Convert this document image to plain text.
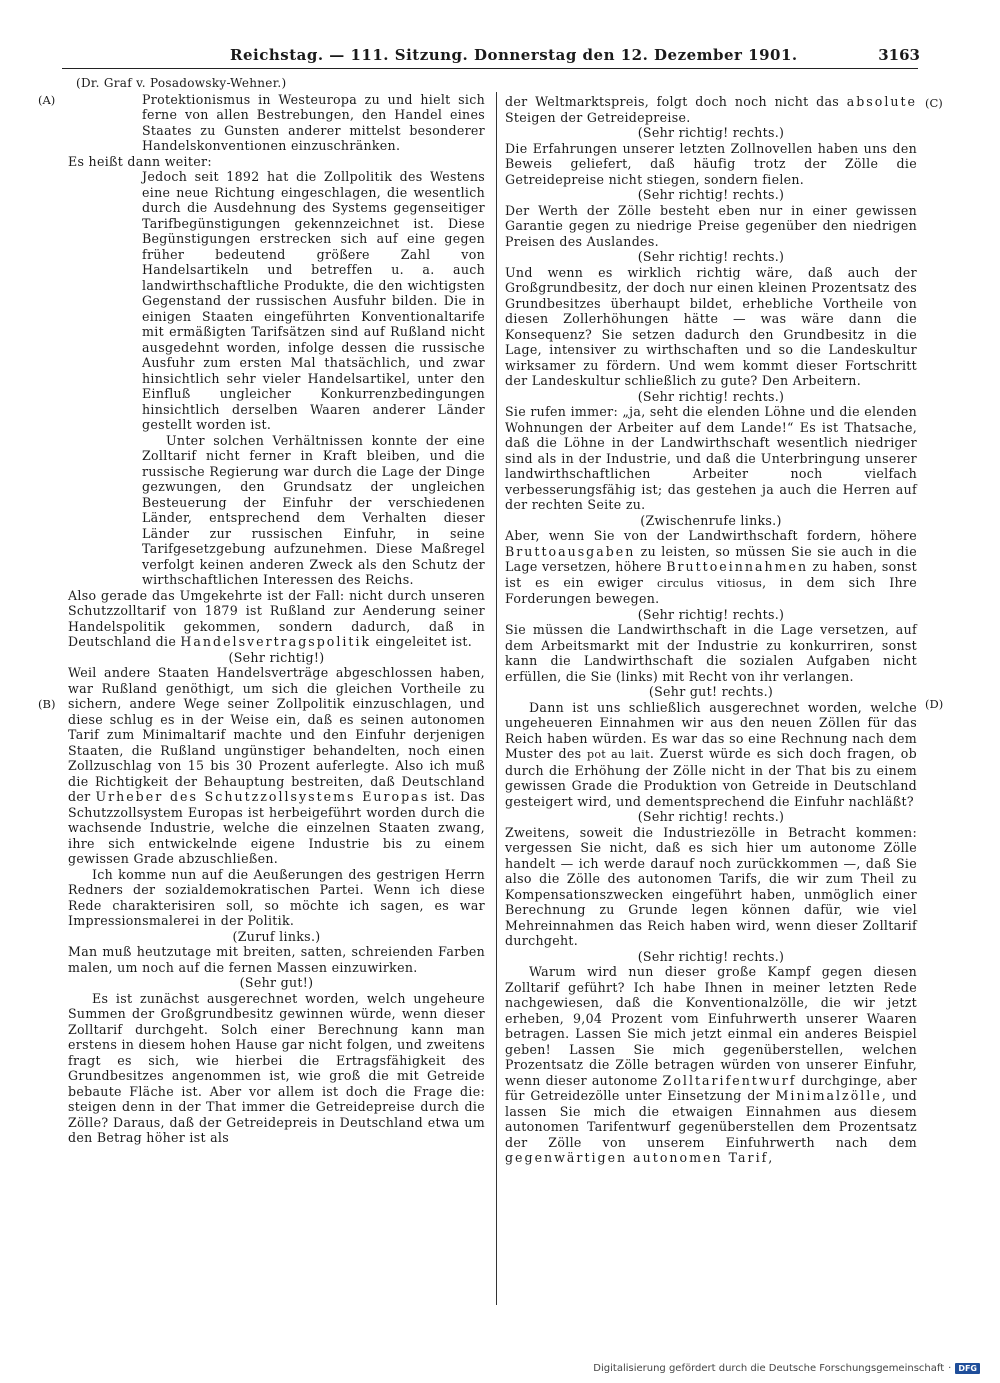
Reichstag. — 111. Sitzung. Donnerstag den 12. Dezember 1901.	3163
(A)
(B)
(C)
(D)

(Dr. Graf v. Posadowsky-Wehner.)

Protektionismus in Westeuropa zu und hielt sich ferne von allen Bestrebungen, den Handel eines Staates zu Gunsten anderer mittelst besonderer Handelskonventionen einzuschränken.

Es heißt dann weiter:

Jedoch seit 1892 hat die Zollpolitik des Westens eine neue Richtung eingeschlagen, die wesentlich durch die Ausdehnung des Systems gegenseitiger Tarifbegünstigungen gekennzeichnet ist. Diese Begünstigungen erstrecken sich auf eine gegen früher bedeutend größere Zahl von Handelsartikeln und betreffen u. a. auch landwirthschaftliche Produkte, die den wichtigsten Gegenstand der russischen Ausfuhr bilden. Die in einigen Staaten eingeführten Konventionaltarife mit ermäßigten Tarifsätzen sind auf Rußland nicht ausgedehnt worden, infolge dessen die russische Ausfuhr zum ersten Mal thatsächlich, und zwar hinsichtlich sehr vieler Handelsartikel, unter den Einfluß ungleicher Konkurrenzbedingungen hinsichtlich derselben Waaren anderer Länder gestellt worden ist.

Unter solchen Verhältnissen konnte der eine Zolltarif nicht ferner in Kraft bleiben, und die russische Regierung war durch die Lage der Dinge gezwungen, den Grundsatz der ungleichen Besteuerung der Einfuhr der verschiedenen Länder, entsprechend dem Verhalten dieser Länder zur russischen Einfuhr, in seine Tarifgesetzgebung aufzunehmen. Diese Maßregel verfolgt keinen anderen Zweck als den Schutz der wirthschaftlichen Interessen des Reichs.

Also gerade das Umgekehrte ist der Fall: nicht durch unseren Schutzzolltarif von 1879 ist Rußland zur Aenderung seiner Handelspolitik gekommen, sondern dadurch, daß in Deutschland die Handelsvertragspolitik eingeleitet ist.

(Sehr richtig!)

Weil andere Staaten Handelsverträge abgeschlossen haben, war Rußland genöthigt, um sich die gleichen Vortheile zu sichern, andere Wege seiner Zollpolitik einzuschlagen, und diese schlug es in der Weise ein, daß es seinen autonomen Tarif zum Minimaltarif machte und den Einfuhr derjenigen Staaten, die Rußland ungünstiger behandelten, noch einen Zollzuschlag von 15 bis 30 Prozent auferlegte. Also ich muß die Richtigkeit der Behauptung bestreiten, daß Deutschland der Urheber des Schutzzollsystems Europas ist. Das Schutzzollsystem Europas ist herbeigeführt worden durch die wachsende Industrie, welche die einzelnen Staaten zwang, ihre sich entwickelnde eigene Industrie bis zu einem gewissen Grade abzuschließen.

Ich komme nun auf die Aeußerungen des gestrigen Herrn Redners der sozialdemokratischen Partei. Wenn ich diese Rede charakterisiren soll, so möchte ich sagen, es war Impressionsmalerei in der Politik.

(Zuruf links.)

Man muß heutzutage mit breiten, satten, schreienden Farben malen, um noch auf die fernen Massen einzuwirken.

(Sehr gut!)

Es ist zunächst ausgerechnet worden, welch ungeheure Summen der Großgrundbesitz gewinnen würde, wenn dieser Zolltarif durchgeht. Solch einer Berechnung kann man erstens in diesem hohen Hause gar nicht folgen, und zweitens fragt es sich, wie hierbei die Ertragsfähigkeit des Grundbesitzes angenommen ist, wie groß die mit Getreide bebaute Fläche ist. Aber vor allem ist doch die Frage die: steigen denn in der That immer die Getreidepreise durch die Zölle? Daraus, daß der Getreidepreis in Deutschland etwa um den Betrag höher ist als

der Weltmarktspreis, folgt doch noch nicht das absolute Steigen der Getreidepreise.

(Sehr richtig! rechts.)

Die Erfahrungen unserer letzten Zollnovellen haben uns den Beweis geliefert, daß häufig trotz der Zölle die Getreidepreise nicht stiegen, sondern fielen.

(Sehr richtig! rechts.)

Der Werth der Zölle besteht eben nur in einer gewissen Garantie gegen zu niedrige Preise gegenüber den niedrigen Preisen des Auslandes.

(Sehr richtig! rechts.)

Und wenn es wirklich richtig wäre, daß auch der Großgrundbesitz, der doch nur einen kleinen Prozentsatz des Grundbesitzes überhaupt bildet, erhebliche Vortheile von diesen Zollerhöhungen hätte — was wäre dann die Konsequenz? Sie setzen dadurch den Grundbesitz in die Lage, intensiver zu wirthschaften und so die Landeskultur wirksamer zu fördern. Und wem kommt dieser Fortschritt der Landeskultur schließlich zu gute? Den Arbeitern.

(Sehr richtig! rechts.)

Sie rufen immer: „ja, seht die elenden Löhne und die elenden Wohnungen der Arbeiter auf dem Lande!“ Es ist Thatsache, daß die Löhne in der Landwirthschaft wesentlich niedriger sind als in der Industrie, und daß die Unterbringung unserer landwirthschaftlichen Arbeiter noch vielfach verbesserungsfähig ist; das gestehen ja auch die Herren auf der rechten Seite zu.

(Zwischenrufe links.)

Aber, wenn Sie von der Landwirthschaft fordern, höhere Bruttoausgaben zu leisten, so müssen Sie sie auch in die Lage versetzen, höhere Bruttoeinnahmen zu haben, sonst ist es ein ewiger circulus vitiosus, in dem sich Ihre Forderungen bewegen.

(Sehr richtig! rechts.)

Sie müssen die Landwirthschaft in die Lage versetzen, auf dem Arbeitsmarkt mit der Industrie zu konkurriren, sonst kann die Landwirthschaft die sozialen Aufgaben nicht erfüllen, die Sie (links) mit Recht von ihr verlangen.

(Sehr gut! rechts.)

Dann ist uns schließlich ausgerechnet worden, welche ungeheueren Einnahmen wir aus den neuen Zöllen für das Reich haben würden. Es war das so eine Rechnung nach dem Muster des pot au lait. Zuerst würde es sich doch fragen, ob durch die Erhöhung der Zölle nicht in der That bis zu einem gewissen Grade die Produktion von Getreide in Deutschland gesteigert wird, und dementsprechend die Einfuhr nachläßt?

(Sehr richtig! rechts.)

Zweitens, soweit die Industriezölle in Betracht kommen: vergessen Sie nicht, daß es sich hier um autonome Zölle handelt — ich werde darauf noch zurückkommen —, daß Sie also die Zölle des autonomen Tarifs, die wir zum Theil zu Kompensationszwecken eingeführt haben, unmöglich einer Berechnung zu Grunde legen können dafür, wie viel Mehreinnahmen das Reich haben wird, wenn dieser Zolltarif durchgeht.

(Sehr richtig! rechts.)

Warum wird nun dieser große Kampf gegen diesen Zolltarif geführt? Ich habe Ihnen in meiner letzten Rede nachgewiesen, daß die Konventionalzölle, die wir jetzt erheben, 9,04 Prozent vom Einfuhrwerth unserer Waaren betragen. Lassen Sie mich jetzt einmal ein anderes Beispiel geben! Lassen Sie mich gegenüberstellen, welchen Prozentsatz die Zölle betragen würden von unserer Einfuhr, wenn dieser autonome Zolltarifentwurf durchginge, aber für Getreidezölle unter Einsetzung der Minimalzölle, und lassen Sie mich die etwaigen Einnahmen aus diesem autonomen Tarifentwurf gegenüberstellen dem Prozentsatz der Zölle von unserem Einfuhrwerth nach dem gegenwärtigen autonomen Tarif,

Digitalisierung gefördert durch die Deutsche Forschungsgemeinschaft · DFG
